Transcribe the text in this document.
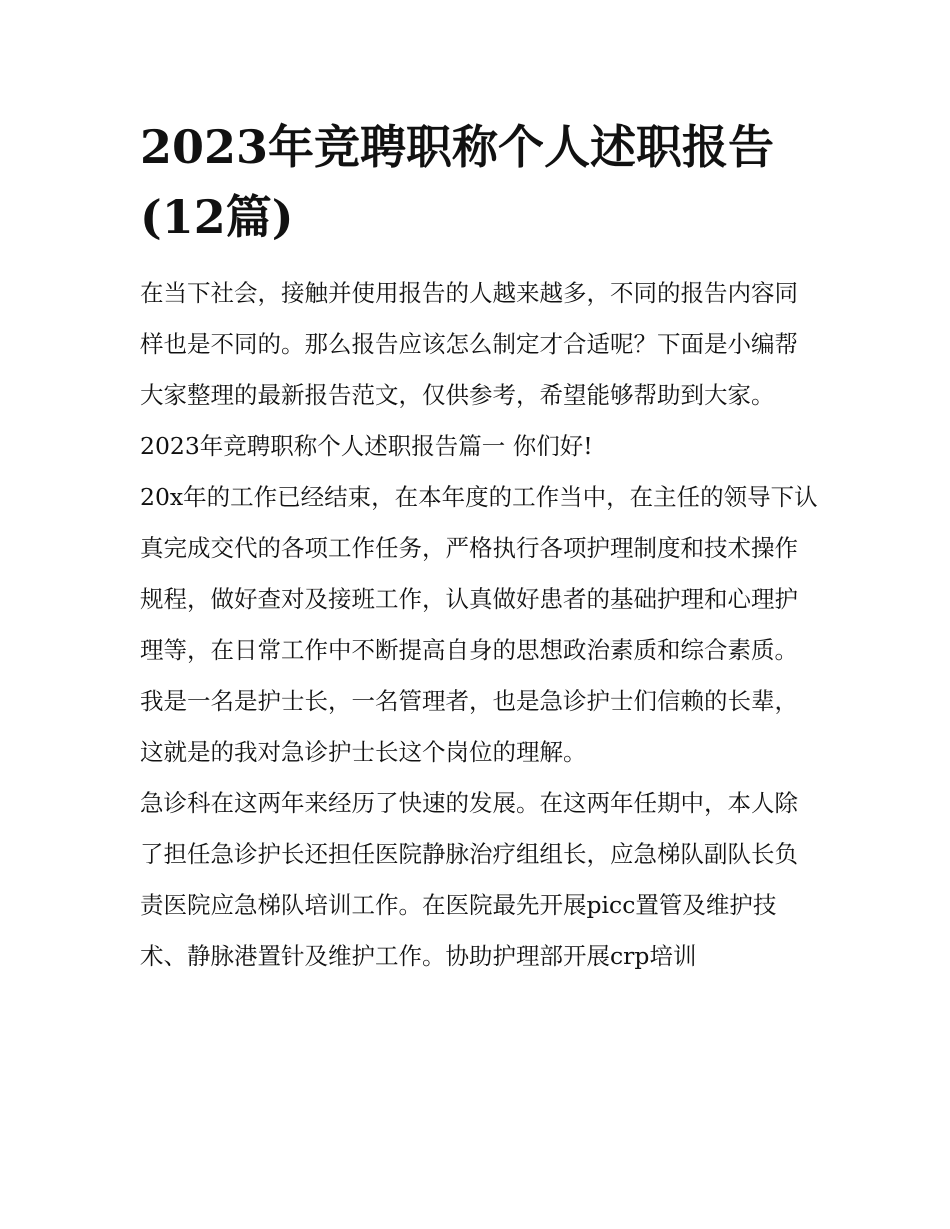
2023年竞聘职称个人述职报告(12篇)

在当下社会，接触并使用报告的人越来越多，不同的报告内容同样也是不同的。那么报告应该怎么制定才合适呢？下面是小编帮大家整理的最新报告范文，仅供参考，希望能够帮助到大家。

2023年竞聘职称个人述职报告篇一 你们好!

20x年的工作已经结束，在本年度的工作当中，在主任的领导下认真完成交代的各项工作任务，严格执行各项护理制度和技术操作规程，做好查对及接班工作，认真做好患者的基础护理和心理护理等，在日常工作中不断提高自身的思想政治素质和综合素质。

我是一名是护士长，一名管理者，也是急诊护士们信赖的长辈，这就是的我对急诊护士长这个岗位的理解。

急诊科在这两年来经历了快速的发展。在这两年任期中，本人除了担任急诊护长还担任医院静脉治疗组组长，应急梯队副队长负责医院应急梯队培训工作。在医院最先开展picc置管及维护技术、静脉港置针及维护工作。协助护理部开展crp培训
